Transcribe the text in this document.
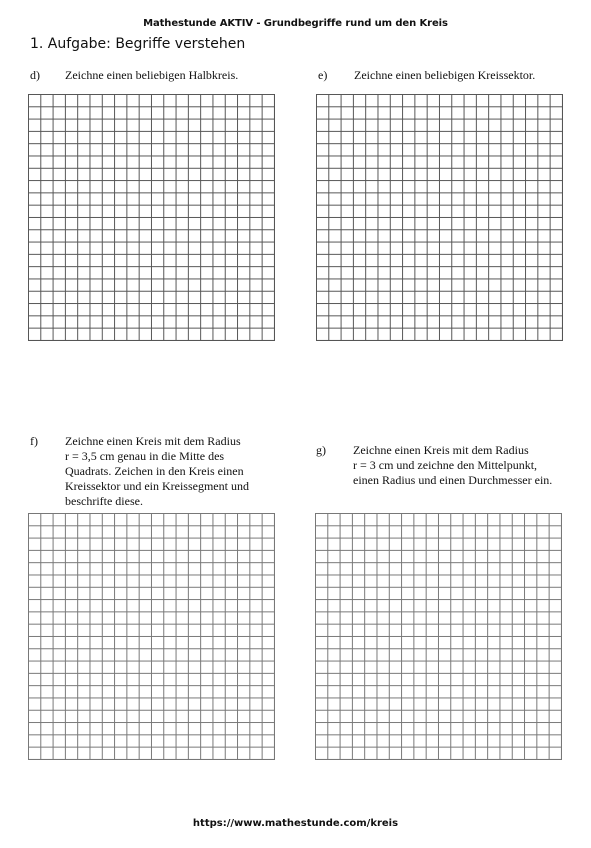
Mathestunde AKTIV - Grundbegriffe rund um den Kreis
1. Aufgabe: Begriffe verstehen
d) Zeichne einen beliebigen Halbkreis.	e) Zeichne einen beliebigen Kreissektor.
f) Zeichne einen Kreis mit dem Radius
r = 3,5 cm genau in die Mitte des
Quadrats. Zeichen in den Kreis einen
Kreissektor und ein Kreissegment und
beschrifte diese.
g) Zeichne einen Kreis mit dem Radius
r = 3 cm und zeichne den Mittelpunkt,
einen Radius und einen Durchmesser ein.
https://www.mathestunde.com/kreis
